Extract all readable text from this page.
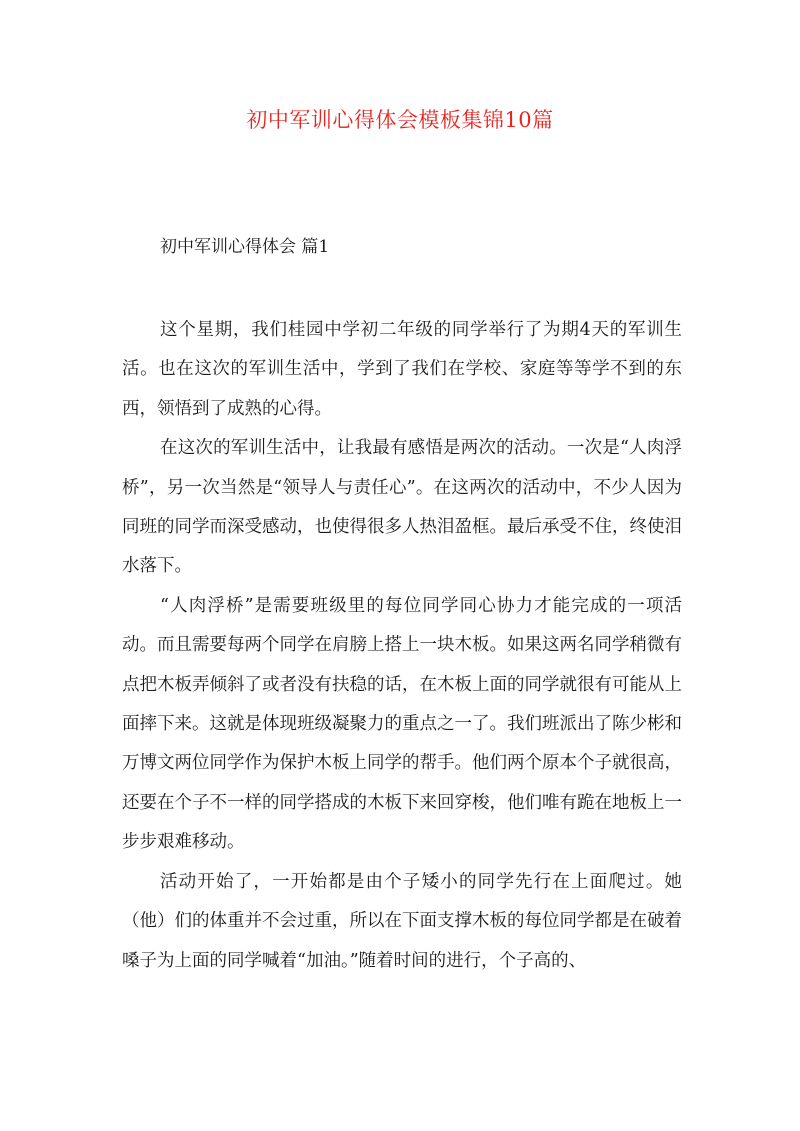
初中军训心得体会模板集锦10篇
初中军训心得体会 篇1

这个星期，我们桂园中学初二年级的同学举行了为期4天的军训生活。也在这次的军训生活中，学到了我们在学校、家庭等等学不到的东西，领悟到了成熟的心得。

在这次的军训生活中，让我最有感悟是两次的活动。一次是“人肉浮桥”，另一次当然是“领导人与责任心”。在这两次的活动中，不少人因为同班的同学而深受感动，也使得很多人热泪盈框。最后承受不住，终使泪水落下。

“人肉浮桥”是需要班级里的每位同学同心协力才能完成的一项活动。而且需要每两个同学在肩膀上搭上一块木板。如果这两名同学稍微有点把木板弄倾斜了或者没有扶稳的话，在木板上面的同学就很有可能从上面摔下来。这就是体现班级凝聚力的重点之一了。我们班派出了陈少彬和万博文两位同学作为保护木板上同学的帮手。他们两个原本个子就很高，还要在个子不一样的同学搭成的木板下来回穿梭，他们唯有跪在地板上一步步艰难移动。

活动开始了，一开始都是由个子矮小的同学先行在上面爬过。她（他）们的体重并不会过重，所以在下面支撑木板的每位同学都是在破着嗓子为上面的同学喊着“加油。”随着时间的进行，个子高的、
